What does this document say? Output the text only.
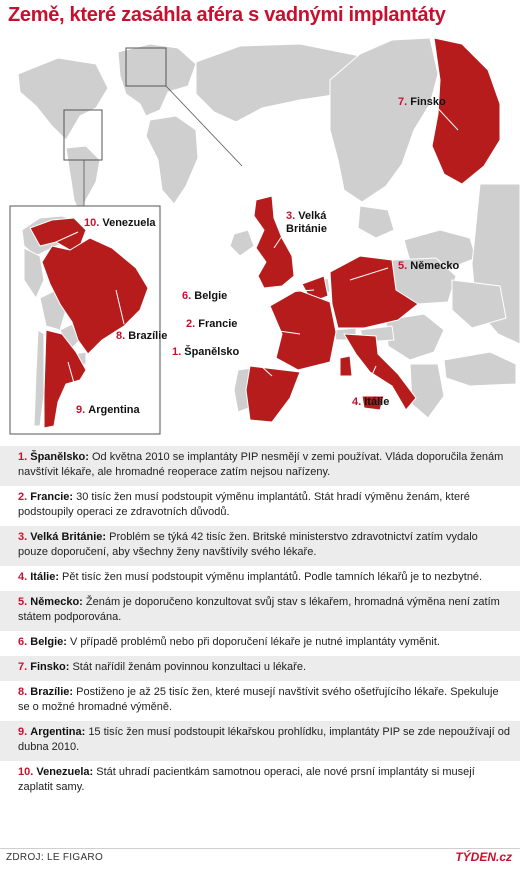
Země, které zasáhla aféra s vadnými implantáty
7. Finsko
3. Velká
Británie
5. Německo
6. Belgie
2. Francie
1. Španělsko
4. Itálie
10. Venezuela
8. Brazílie
9. Argentina
1. Španělsko: Od května 2010 se implantáty PIP nesmějí v zemi používat. Vláda doporučila ženám navštívit lékaře, ale hromadné reoperace zatím nejsou nařízeny.
2. Francie: 30 tisíc žen musí podstoupit výměnu implantátů. Stát hradí výměnu ženám, které podstoupily operaci ze zdravotních důvodů.
3. Velká Británie: Problém se týká 42 tisíc žen. Britské ministerstvo zdravotnictví zatím vydalo pouze doporučení, aby všechny ženy navštívily svého lékaře.
4. Itálie: Pět tisíc žen musí podstoupit výměnu implantátů. Podle tamních lékařů je to nezbytné.
5. Německo: Ženám je doporučeno konzultovat svůj stav s lékařem, hromadná výměna není zatím státem podporována.
6. Belgie: V případě problémů nebo při doporučení lékaře je nutné implantáty vyměnit.
7. Finsko: Stát nařídil ženám povinnou konzultaci u lékaře.
8. Brazílie: Postiženo je až 25 tisíc žen, které musejí navštívit svého ošetřujícího lékaře. Spekuluje se o možné hromadné výměně.
9. Argentina: 15 tisíc žen musí podstoupit lékařskou prohlídku, implantáty PIP se zde nepoužívají od dubna 2010.
10. Venezuela: Stát uhradí pacientkám samotnou operaci, ale nové prsní implantáty si musejí zaplatit samy.
ZDROJ: LE FIGARO	TÝDEN.cz
